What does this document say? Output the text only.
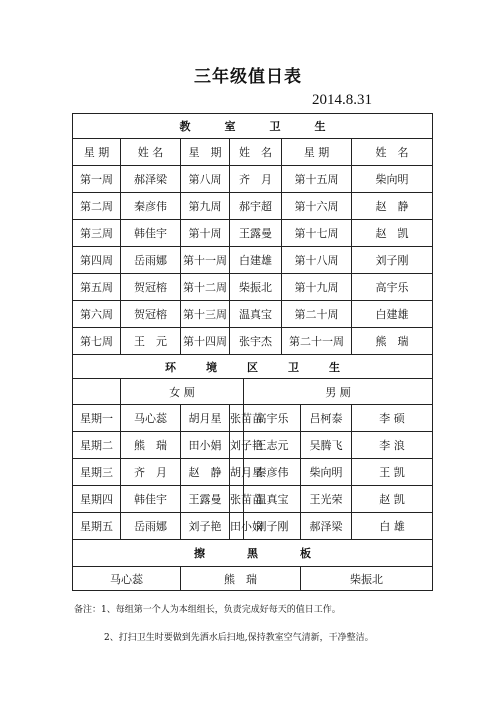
三年级值日表
2014.8.31
教 室 卫 生							

星 期	姓 名	星　期	姓　名		星 期		姓　名
第一周	郝泽梁	第八周	齐　月		第十五周		柴向明
第二周	秦彦伟	第九周	郝宇超		第十六周		赵　静
第三周	韩佳宇	第十周	王露曼		第十七周		赵　凯
第四周	岳雨娜	第十一周	白建雄		第十八周		刘子刚
第五周	贺冠榕	第十二周	柴振北		第十九周		高宇乐
第六周	贺冠榕	第十三周	温真宝		第二十周		白建雄
第七周	王　元	第十四周	张宇杰		第二十一周		熊　瑞

环 境 区 卫 生							

	女 厕			男 厕			
星期一	马心蕊	胡月星	张苗苗	高宇乐		吕柯泰	李 硕
星期二	熊　瑞	田小娟	刘子艳	王志元		吴腾飞	李 浪
星期三	齐　月	赵　静	胡月星	秦彦伟		柴向明	王 凯
星期四	韩佳宇	王露曼	张苗苗	温真宝		王光荣	赵 凯
星期五	岳雨娜	刘子艳	田小娟	刘子刚		郝泽梁	白 雄

擦 黑 板							

马心蕊		熊　瑞				柴振北	
备注：1、每组第一个人为本组组长，负责完成好每天的值日工作。
2、打扫卫生时要做到先洒水后扫地,保持教室空气清新，干净整洁。
